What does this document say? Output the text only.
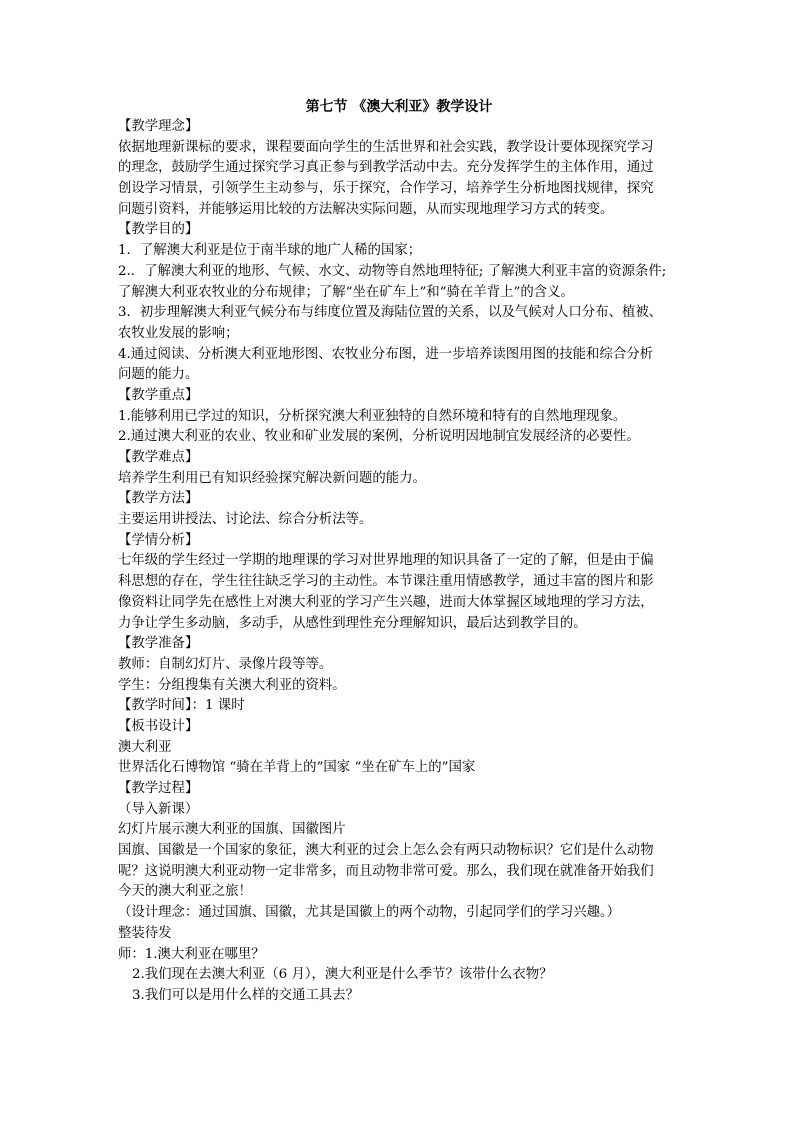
第七节 《澳大利亚》教学设计

【教学理念】

依据地理新课标的要求，课程要面向学生的生活世界和社会实践，教学设计要体现探究学习

的理念，鼓励学生通过探究学习真正参与到教学活动中去。充分发挥学生的主体作用，通过

创设学习情景，引领学生主动参与，乐于探究，合作学习，培养学生分析地图找规律，探究

问题引资料，并能够运用比较的方法解决实际问题，从而实现地理学习方式的转变。

【教学目的】

1．了解澳大利亚是位于南半球的地广人稀的国家；

2.．了解澳大利亚的地形、气候、水文、动物等自然地理特征; 了解澳大利亚丰富的资源条件;

了解澳大利亚农牧业的分布规律；了解“坐在矿车上”和“骑在羊背上”的含义。

3．初步理解澳大利亚气候分布与纬度位置及海陆位置的关系，以及气候对人口分布、植被、

农牧业发展的影响；

4.通过阅读、分析澳大利亚地形图、农牧业分布图，进一步培养读图用图的技能和综合分析

问题的能力。

【教学重点】

1.能够利用已学过的知识，分析探究澳大利亚独特的自然环境和特有的自然地理现象。

2.通过澳大利亚的农业、牧业和矿业发展的案例，分析说明因地制宜发展经济的必要性。

【教学难点】

培养学生利用已有知识经验探究解决新问题的能力。

【教学方法】

主要运用讲授法、讨论法、综合分析法等。

【学情分析】

七年级的学生经过一学期的地理课的学习对世界地理的知识具备了一定的了解，但是由于偏

科思想的存在，学生往往缺乏学习的主动性。本节课注重用情感教学，通过丰富的图片和影

像资料让同学先在感性上对澳大利亚的学习产生兴趣，进而大体掌握区域地理的学习方法，

力争让学生多动脑，多动手，从感性到理性充分理解知识，最后达到教学目的。

【教学准备】

教师：自制幻灯片、录像片段等等。

学生：分组搜集有关澳大利亚的资料。

【教学时间】：1 课时

【板书设计】

澳大利亚

世界活化石博物馆 “骑在羊背上的”国家 “坐在矿车上的”国家

【教学过程】

（导入新课）

幻灯片展示澳大利亚的国旗、国徽图片

国旗、国徽是一个国家的象征，澳大利亚的过会上怎么会有两只动物标识？它们是什么动物

呢？这说明澳大利亚动物一定非常多，而且动物非常可爱。那么，我们现在就准备开始我们

今天的澳大利亚之旅！

（设计理念：通过国旗、国徽，尤其是国徽上的两个动物，引起同学们的学习兴趣。）

整装待发

师：1.澳大利亚在哪里？

2.我们现在去澳大利亚（6 月），澳大利亚是什么季节？该带什么衣物？

3.我们可以是用什么样的交通工具去？
